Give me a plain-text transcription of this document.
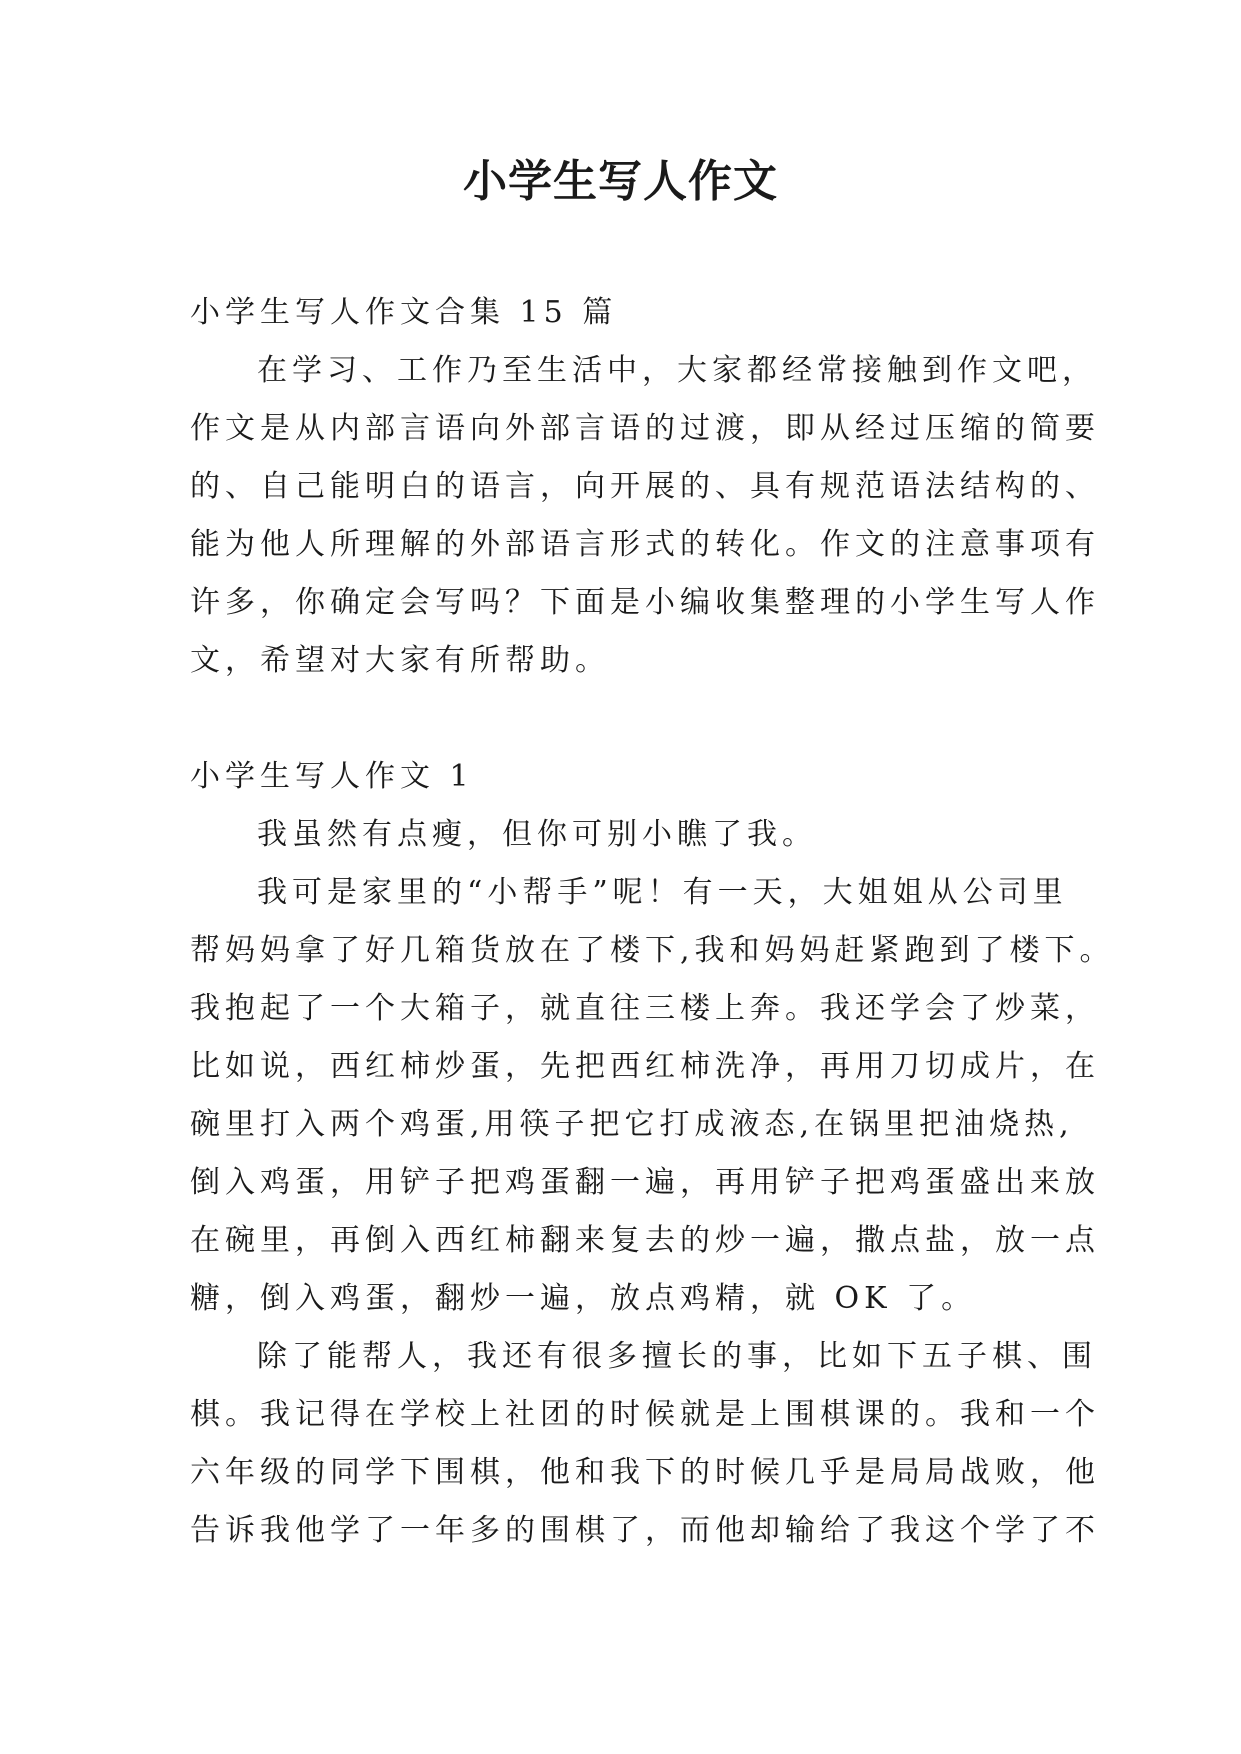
小学生写人作文

小学生写人作文合集 15 篇

在学习、工作乃至生活中，大家都经常接触到作文吧，

作文是从内部言语向外部言语的过渡，即从经过压缩的简要

的、自己能明白的语言，向开展的、具有规范语法结构的、

能为他人所理解的外部语言形式的转化。作文的注意事项有

许多，你确定会写吗？下面是小编收集整理的小学生写人作

文，希望对大家有所帮助。

小学生写人作文 1

我虽然有点瘦，但你可别小瞧了我。

我可是家里的“小帮手”呢！有一天，大姐姐从公司里

帮妈妈拿了好几箱货放在了楼下,我和妈妈赶紧跑到了楼下。

我抱起了一个大箱子，就直往三楼上奔。我还学会了炒菜，

比如说，西红柿炒蛋，先把西红柿洗净，再用刀切成片，在

碗里打入两个鸡蛋,用筷子把它打成液态,在锅里把油烧热,

倒入鸡蛋，用铲子把鸡蛋翻一遍，再用铲子把鸡蛋盛出来放

在碗里，再倒入西红柿翻来复去的炒一遍，撒点盐，放一点

糖，倒入鸡蛋，翻炒一遍，放点鸡精，就 OK 了。

除了能帮人，我还有很多擅长的事，比如下五子棋、围

棋。我记得在学校上社团的时候就是上围棋课的。我和一个

六年级的同学下围棋，他和我下的时候几乎是局局战败，他

告诉我他学了一年多的围棋了，而他却输给了我这个学了不
